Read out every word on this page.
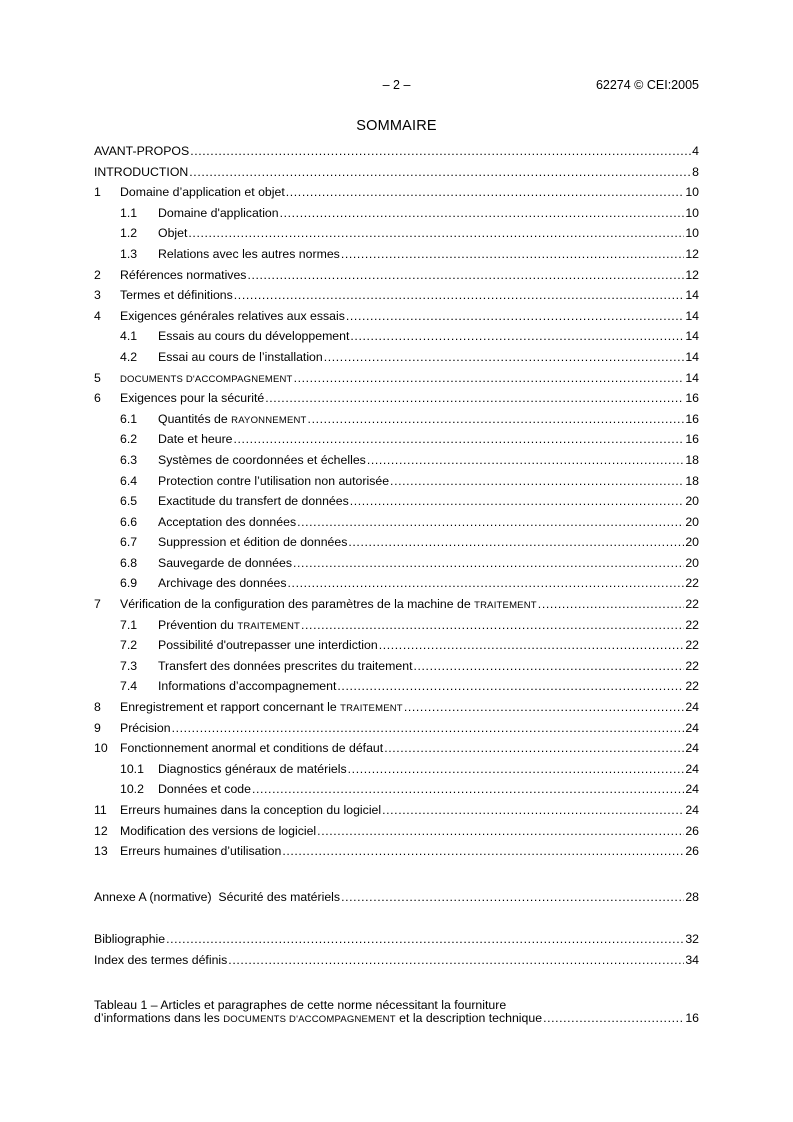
– 2 –	62274 © CEI:2005
SOMMAIRE
AVANT-PROPOS .....	4
INTRODUCTION .....	8
1	Domaine d’application et objet .....	10
1.1	Domaine d'application .....	10
1.2	Objet .....	10
1.3	Relations avec les autres normes .....	12
2	Références normatives .....	12
3	Termes et définitions .....	14
4	Exigences générales relatives aux essais .....	14
4.1	Essais au cours du développement .....	14
4.2	Essai au cours de l’installation .....	14
5	DOCUMENTS D'ACCOMPAGNEMENT .....	14
6	Exigences pour la sécurité .....	16
6.1	Quantités de RAYONNEMENT .....	16
6.2	Date et heure .....	16
6.3	Systèmes de coordonnées et échelles .....	18
6.4	Protection contre l’utilisation non autorisée .....	18
6.5	Exactitude du transfert de données .....	20
6.6	Acceptation des données .....	20
6.7	Suppression et édition de données .....	20
6.8	Sauvegarde de données .....	20
6.9	Archivage des données .....	22
7	Vérification de la configuration des paramètres de la machine de TRAITEMENT .....	22
7.1	Prévention du TRAITEMENT .....	22
7.2	Possibilité d'outrepasser une interdiction .....	22
7.3	Transfert des données prescrites du traitement .....	22
7.4	Informations d’accompagnement .....	22
8	Enregistrement et rapport concernant le TRAITEMENT .....	24
9	Précision .....	24
10	Fonctionnement anormal et conditions de défaut .....	24
10.1	Diagnostics généraux de matériels .....	24
10.2	Données et code .....	24
11	Erreurs humaines dans la conception du logiciel .....	24
12	Modification des versions de logiciel .....	26
13	Erreurs humaines d’utilisation .....	26
Annexe A (normative)  Sécurité des matériels .....	28
Bibliographie .....	32
Index des termes définis .....	34
Tableau 1 – Articles et paragraphes de cette norme nécessitant la fourniture
d’informations dans les DOCUMENTS D'ACCOMPAGNEMENT et la description technique .....	16
